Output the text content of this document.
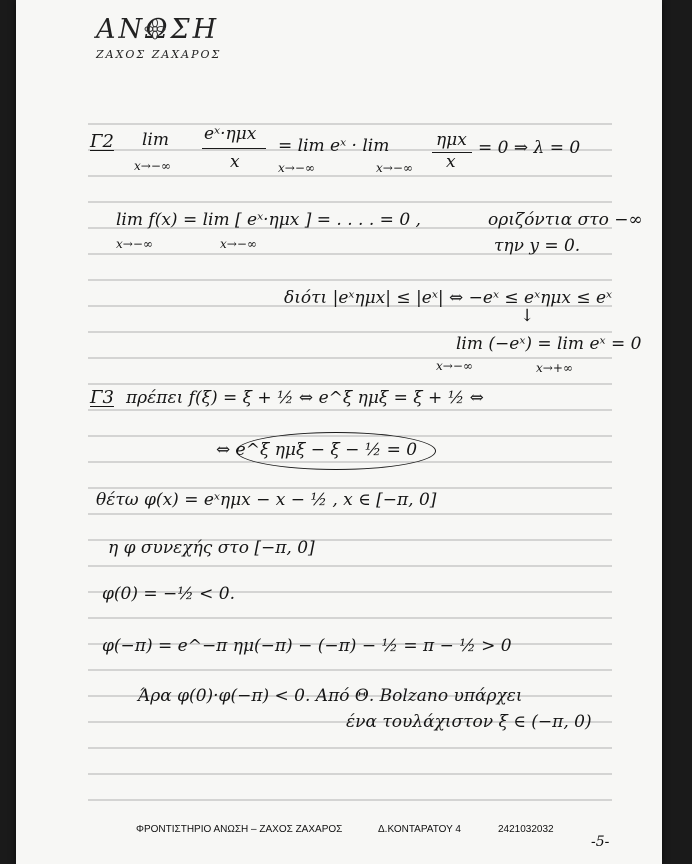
ΑΝΩΣΗ
ΖΑΧΟΣ ΖΑΧΑΡΟΣ
Γ2 lim
x→−∞
eˣ·ημx
x
= lim eˣ · lim
x→−∞	x→−∞
ημx
x
= 0 ⇒ λ = 0
lim f(x) = lim [ eˣ·ημx ] = . . . . = 0 ,
x→−∞	x→−∞
οριζόντια στο −∞
την y = 0.
διότι |eˣημx| ≤ |eˣ| ⇔ −eˣ ≤ eˣημx ≤ eˣ
↓
lim (−eˣ) = lim eˣ = 0
x→−∞	x→+∞
Γ3 πρέπει f(ξ) = ξ + ½ ⇔ e^ξ ημξ = ξ + ½ ⇔
⇔ e^ξ ημξ − ξ − ½ = 0
θέτω φ(x) = eˣημx − x − ½ , x ∈ [−π, 0]
η φ συνεχής στο [−π, 0]
φ(0) = −½ < 0.
φ(−π) = e^−π ημ(−π) − (−π) − ½ = π − ½ > 0
Άρα φ(0)·φ(−π) < 0. Από Θ. Bolzano υπάρχει
ένα τουλάχιστον ξ ∈ (−π, 0)
ΦΡΟΝΤΙΣΤΗΡΙΟ ΑΝΩΣΗ – ΖΑΧΟΣ ΖΑΧΑΡΟΣ	Δ.ΚΟΝΤΑΡΑΤΟΥ 4	2421032032
-5-
